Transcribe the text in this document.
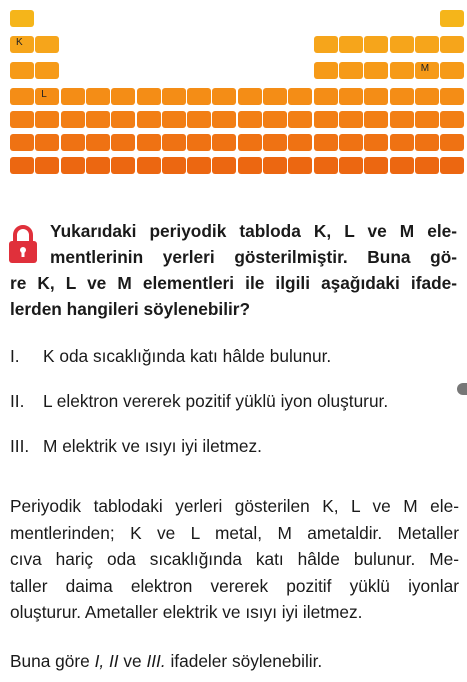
K
M
L
Yukarıdaki periyodik tabloda K, L ve M ele-
mentlerinin yerleri gösterilmiştir. Buna gö-
re K, L ve M elementleri ile ilgili aşağıdaki ifade-
lerden hangileri söylenebilir?
I. K oda sıcaklığında katı hâlde bulunur.
II. L elektron vererek pozitif yüklü iyon oluşturur.
III. M elektrik ve ısıyı iyi iletmez.
Periyodik tablodaki yerleri gösterilen K, L ve M ele-
mentlerinden; K ve L metal, M ametaldir. Metaller
cıva hariç oda sıcaklığında katı hâlde bulunur. Me-
taller daima elektron vererek pozitif yüklü iyonlar
oluşturur. Ametaller elektrik ve ısıyı iyi iletmez.
Buna göre I, II ve III. ifadeler söylenebilir.
